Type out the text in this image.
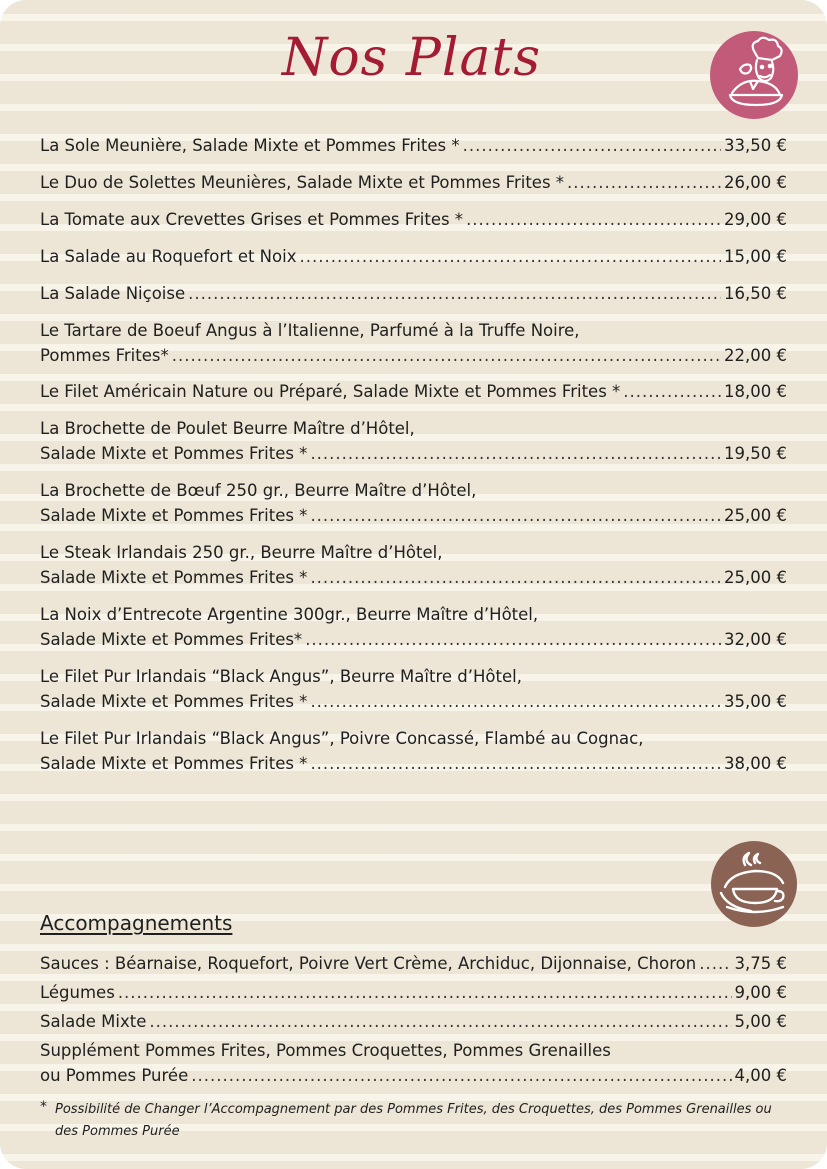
Nos Plats
La Sole Meunière, Salade Mixte et Pommes Frites * .....	33,50 €
Le Duo de Solettes Meunières, Salade Mixte et Pommes Frites * .....	26,00 €
La Tomate aux Crevettes Grises et Pommes Frites * .....	29,00 €
La Salade au Roquefort et Noix .....	15,00 €
La Salade Niçoise .....	16,50 €
Le Tartare de Boeuf Angus à l’Italienne, Parfumé à la Truffe Noire,
Pommes Frites* .....	22,00 €
Le Filet Américain Nature ou Préparé, Salade Mixte et Pommes Frites * .....	18,00 €
La Brochette de Poulet Beurre Maître d’Hôtel,
Salade Mixte et Pommes Frites * .....	19,50 €
La Brochette de Bœuf 250 gr., Beurre Maître d’Hôtel,
Salade Mixte et Pommes Frites * .....	25,00 €
Le Steak Irlandais 250 gr., Beurre Maître d’Hôtel,
Salade Mixte et Pommes Frites * .....	25,00 €
La Noix d’Entrecote Argentine 300gr., Beurre Maître d’Hôtel,
Salade Mixte et Pommes Frites* .....	32,00 €
Le Filet Pur Irlandais “Black Angus”, Beurre Maître d’Hôtel,
Salade Mixte et Pommes Frites * .....	35,00 €
Le Filet Pur Irlandais “Black Angus”, Poivre Concassé, Flambé au Cognac,
Salade Mixte et Pommes Frites * .....	38,00 €
Accompagnements
Sauces : Béarnaise, Roquefort, Poivre Vert Crème, Archiduc, Dijonnaise, Choron ..... 3,75 €
Légumes .....	9,00 €
Salade Mixte .....	5,00 €
Supplément Pommes Frites, Pommes Croquettes, Pommes Grenailles
ou Pommes Purée .....	4,00 €
* Possibilité de Changer l’Accompagnement par des Pommes Frites, des Croquettes, des Pommes Grenailles ou des Pommes Purée
